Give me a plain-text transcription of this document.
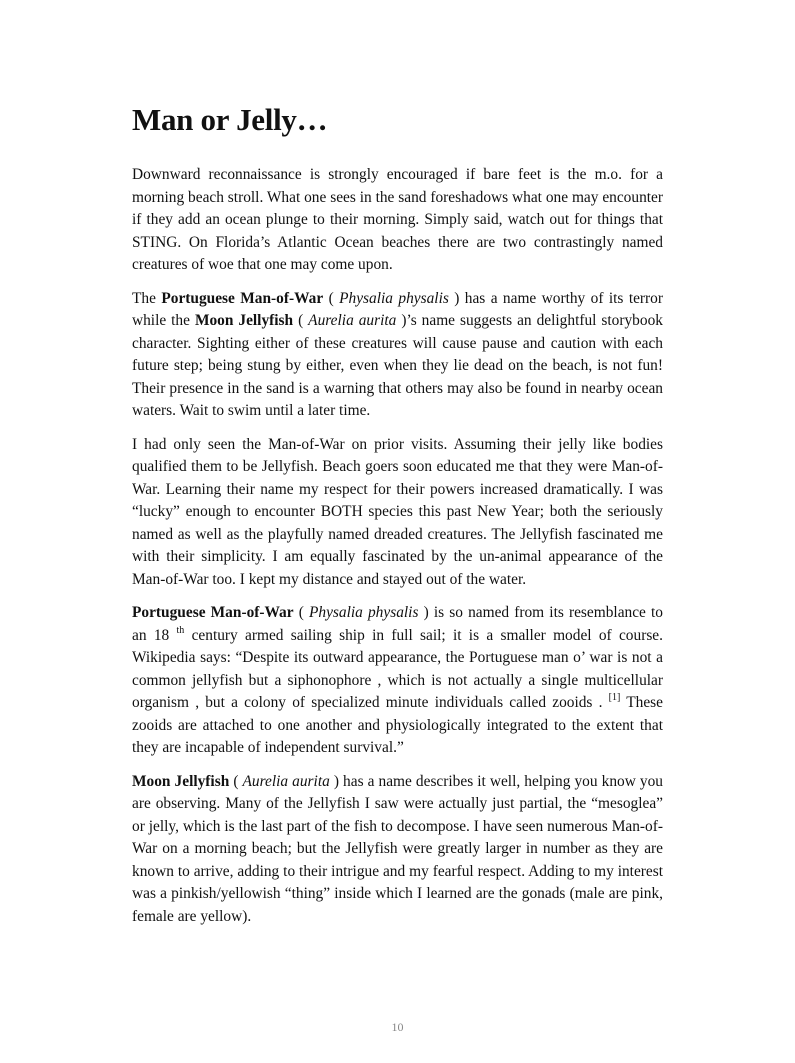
Man or Jelly…

Downward reconnaissance is strongly encouraged if bare feet is the m.o. for a morning beach stroll. What one sees in the sand foreshadows what one may encounter if they add an ocean plunge to their morning. Simply said, watch out for things that STING. On Florida’s Atlantic Ocean beaches there are two contrastingly named creatures of woe that one may come upon.

The Portuguese Man-of-War ( Physalia physalis ) has a name worthy of its terror while the Moon Jellyfish ( Aurelia aurita )’s name suggests an delightful storybook character. Sighting either of these creatures will cause pause and caution with each future step; being stung by either, even when they lie dead on the beach, is not fun! Their presence in the sand is a warning that others may also be found in nearby ocean waters. Wait to swim until a later time.

I had only seen the Man-of-War on prior visits. Assuming their jelly like bodies qualified them to be Jellyfish. Beach goers soon educated me that they were Man-of-War. Learning their name my respect for their powers increased dramatically. I was “lucky” enough to encounter BOTH species this past New Year; both the seriously named as well as the playfully named dreaded creatures. The Jellyfish fascinated me with their simplicity. I am equally fascinated by the un-animal appearance of the Man-of-War too. I kept my distance and stayed out of the water.

Portuguese Man-of-War ( Physalia physalis ) is so named from its resemblance to an 18 $^{th}$ century armed sailing ship in full sail; it is a smaller model of course. Wikipedia says: “Despite its outward appearance, the Portuguese man o’ war is not a common jellyfish but a siphonophore , which is not actually a single multicellular organism , but a colony of specialized minute individuals called zooids . [1] These zooids are attached to one another and physiologically integrated to the extent that they are incapable of independent survival.”

Moon Jellyfish ( Aurelia aurita ) has a name describes it well, helping you know you are observing. Many of the Jellyfish I saw were actually just partial, the “mesoglea” or jelly, which is the last part of the fish to decompose. I have seen numerous Man-of-War on a morning beach; but the Jellyfish were greatly larger in number as they are known to arrive, adding to their intrigue and my fearful respect. Adding to my interest was a pinkish/yellowish “thing” inside which I learned are the gonads (male are pink, female are yellow).

10
